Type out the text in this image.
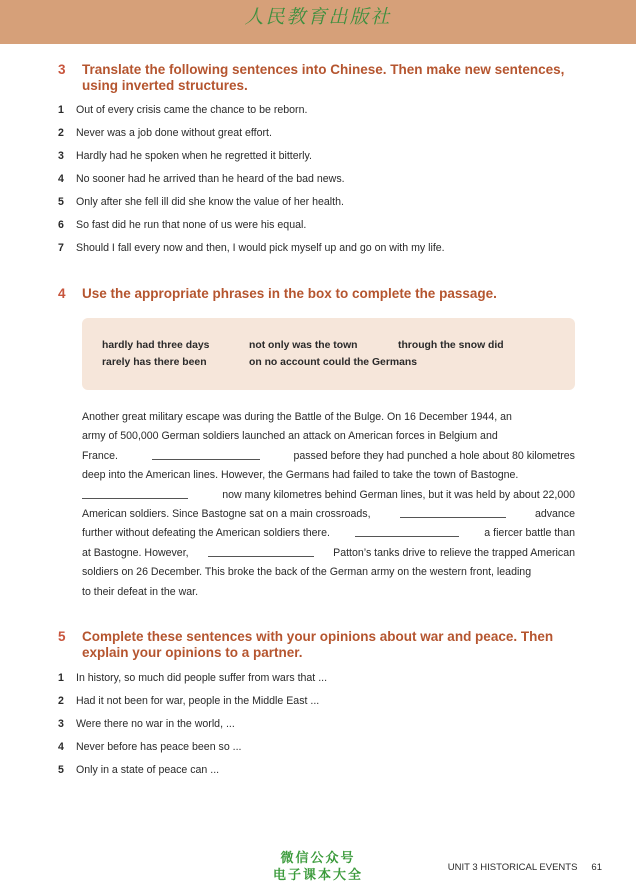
人民教育出版社
3 Translate the following sentences into Chinese. Then make new sentences,
using inverted structures.
1 Out of every crisis came the chance to be reborn.
2 Never was a job done without great effort.
3 Hardly had he spoken when he regretted it bitterly.
4 No sooner had he arrived than he heard of the bad news.
5 Only after she fell ill did she know the value of her health.
6 So fast did he run that none of us were his equal.
7 Should I fall every now and then, I would pick myself up and go on with my life.
4 Use the appropriate phrases in the box to complete the passage.
hardly had three days	not only was the town	through the snow did
rarely has there been	on no account could the Germans
Another great military escape was during the Battle of the Bulge. On 16 December 1944, an
army of 500,000 German soldiers launched an attack on American forces in Belgium and
France.	passed before they had punched a hole about 80 kilometres
deep into the American lines. However, the Germans had failed to take the town of Bastogne.
now many kilometres behind German lines, but it was held by about 22,000
American soldiers. Since Bastogne sat on a main crossroads,	advance
further without defeating the American soldiers there.	a fiercer battle than
at Bastogne. However,	Patton’s tanks drive to relieve the trapped American
soldiers on 26 December. This broke the back of the German army on the western front, leading
to their defeat in the war.
5 Complete these sentences with your opinions about war and peace. Then
explain your opinions to a partner.
1 In history, so much did people suffer from wars that ...
2 Had it not been for war, people in the Middle East ...
3 Were there no war in the world, ...
4 Never before has peace been so ...
5 Only in a state of peace can ...
微信公众号
电子课本大全
UNIT 3 HISTORICAL EVENTS 61
